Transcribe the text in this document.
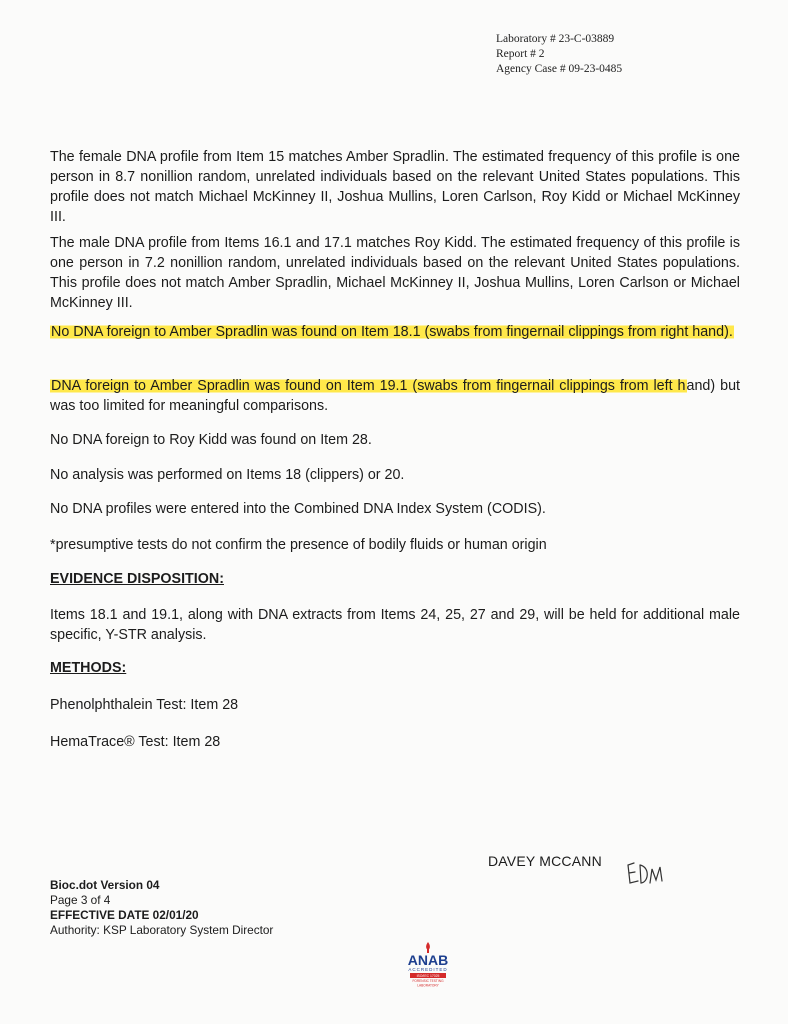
Laboratory # 23-C-03889
Report # 2
Agency Case # 09-23-0485
The female DNA profile from Item 15 matches Amber Spradlin. The estimated frequency of this profile is one person in 8.7 nonillion random, unrelated individuals based on the relevant United States populations. This profile does not match Michael McKinney II, Joshua Mullins, Loren Carlson, Roy Kidd or Michael McKinney III.
The male DNA profile from Items 16.1 and 17.1 matches Roy Kidd. The estimated frequency of this profile is one person in 7.2 nonillion random, unrelated individuals based on the relevant United States populations. This profile does not match Amber Spradlin, Michael McKinney II, Joshua Mullins, Loren Carlson or Michael McKinney III.
No DNA foreign to Amber Spradlin was found on Item 18.1 (swabs from fingernail clippings from right hand).
DNA foreign to Amber Spradlin was found on Item 19.1 (swabs from fingernail clippings from left hand) but was too limited for meaningful comparisons.
No DNA foreign to Roy Kidd was found on Item 28.
No analysis was performed on Items 18 (clippers) or 20.
No DNA profiles were entered into the Combined DNA Index System (CODIS).
*presumptive tests do not confirm the presence of bodily fluids or human origin
EVIDENCE DISPOSITION:
Items 18.1 and 19.1, along with DNA extracts from Items 24, 25, 27 and 29, will be held for additional male specific, Y-STR analysis.
METHODS:
Phenolphthalein Test: Item 28
HemaTrace® Test: Item 28
DAVEY MCCANN
Bioc.dot Version 04
Page 3 of 4
EFFECTIVE DATE 02/01/20
Authority: KSP Laboratory System Director
ANAB
ACCREDITED
ISO/IEC 17025
FORENSIC TESTING
LABORATORY
